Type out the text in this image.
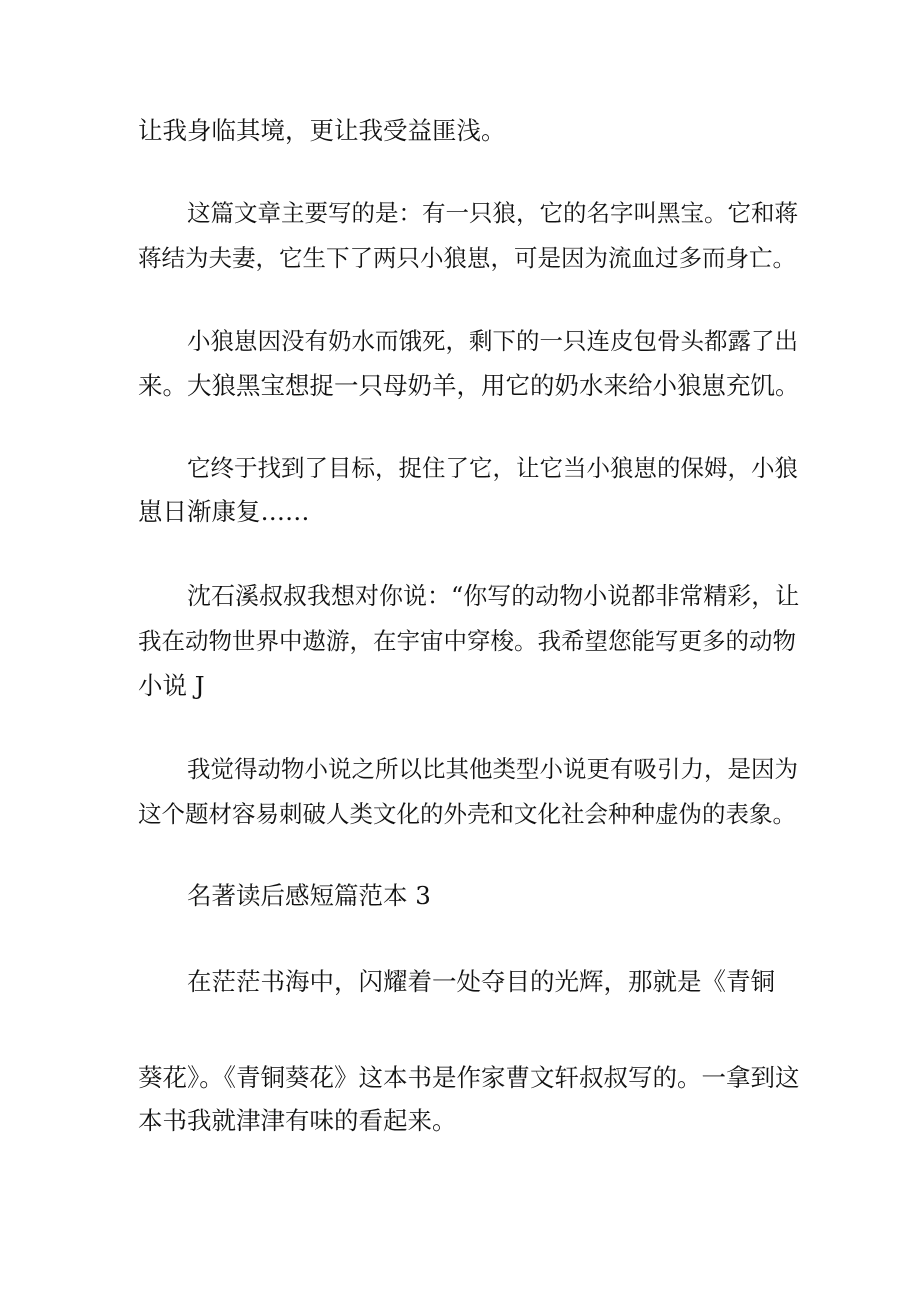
让我身临其境，更让我受益匪浅。
这篇文章主要写的是：有一只狼，它的名字叫黑宝。它和蒋
蒋结为夫妻，它生下了两只小狼崽，可是因为流血过多而身亡。
小狼崽因没有奶水而饿死，剩下的一只连皮包骨头都露了出
来。大狼黑宝想捉一只母奶羊，用它的奶水来给小狼崽充饥。
它终于找到了目标，捉住了它，让它当小狼崽的保姆，小狼
崽日渐康复……
沈石溪叔叔我想对你说：“你写的动物小说都非常精彩，让
我在动物世界中遨游，在宇宙中穿梭。我希望您能写更多的动物
小说 J
我觉得动物小说之所以比其他类型小说更有吸引力，是因为
这个题材容易刺破人类文化的外壳和文化社会种种虚伪的表象。
名著读后感短篇范本 3
在茫茫书海中，闪耀着一处夺目的光辉，那就是《青铜
葵花》。《青铜葵花》这本书是作家曹文轩叔叔写的。一拿到这
本书我就津津有味的看起来。
